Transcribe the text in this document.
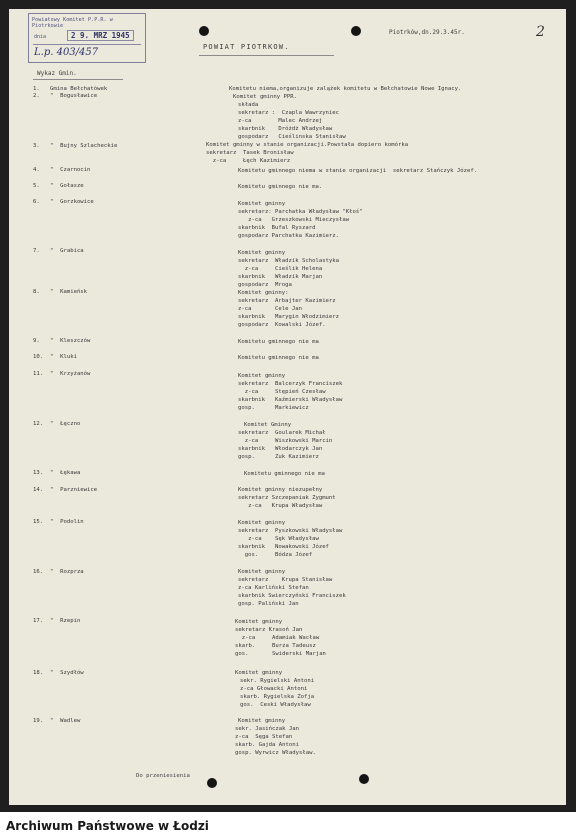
Powiatowy Komitet P.P.R. w Piotrkowie
dnia	2 9. MRZ 1945
L.p. 403/457
2
Piotrków,dn.29.3.45r.
POWIAT PIOTRKOW.
Wykaz Gmin.
1. Gmina Bełchatówek	Komitetu niema,organizuje zalążek komitetu w Bełchatowie Nowe Ignacy.
2. "  Bogusławice	Komitet gminny PPR.
składa
sekretarz :  Czapla Wawrzyniec
z-ca        Malec Andrzej
skarbnik    Dróżdż Władysław
gospodarz   Cieślinska Stanisław
3. "  Bujny Szlacheckie	Komitet gminny w stanie organizacji.Powstała dopiero komórka
sekretarz  Tasek Bronisław
z-ca     Łęch Kazimierz
4. "  Czarnocin	Komitetu gminnego niema w stanie organizacji  sekretarz Stańczyk Józef.
5. "  Gołasze	Komitetu gminnego nie ma.
6. "  Gorzkowice	Komitet gminny
sekretarz: Parchatka Władysław "Kłoś"
z-ca   Grzeszkowski Mieczysław
skarbnik  Bufal Ryszard
gospodarz Parchatka Kazimierz.
7. "  Grabica	Komitet gminny
sekretarz  Władzik Scholastyka
z-ca     Cieślik Helena
skarbnik   Władzik Marjan
gospodarz  Mroga
8. "  Kamieńsk	Komitet gminny:
sekretarz  Arbajter Kazimierz
z-ca       Cele Jan
skarbnik   Marygin Włodzimierz
gospodarz  Kowalski Józef.
9. "  Kleszczów	Komitetu gminnego nie ma
10. "  Klukí	Komitetu gminnego nie ma
11. "  Krzyżanów	Komitet gminny
sekretarz  Balcerzyk Franciszek
z-ca     Stępień Czesław
skarbnik   Kaźmierski Władysław
gosp.      Markiewicz
12. "  Łęczno	Komitet Gminny
sekretarz  Goularek Michał
z-ca     Wiszkowski Marcin
skarbnik   Włodarczyk Jan
gosp.      Zuk Kazimierz
13. "  Łękawa	Komitetu gminnego nie ma
14. "  Parzniewice	Komitet gminny niezupełny
sekretarz Szczepaniak Zygmunt
z-ca   Krupa Władysław
15. "  Podolin	Komitet gminny
sekretarz  Pyszkowski Władysław
z-ca    Sęk Władysław
skarbnik   Nowakowski Józef
gos.     Bódza Józef
16. "  Rozprza	Komitet gminny
sekretarz    Krupa Stanisław
z-ca Karliński Stefan
skarbnik Swierczyński Franciszek
gosp. Paliński Jan
17. "  Rzepin	Komitet gminny
sekretarz Krasoń Jan
z-ca     Adamiak Wacław
skarb.     Burza Tadeusz
gos.       Swiderski Marjan
18. "  Szydłów	Komitet gminny
sekr. Rygielski Antoni
z-ca Głowacki Antoni
skarb. Rygielska Zofja
gos.  Ceski Władysław
19. "  Wadlew	Komitet gminny
sekr. Jasińczak Jan
z-ca  Sęga Stefan
skarb. Gajda Antoni
gosp. Wyrwicz Władysław.
Do przeniesienia
Archiwum Państwowe w Łodzi
